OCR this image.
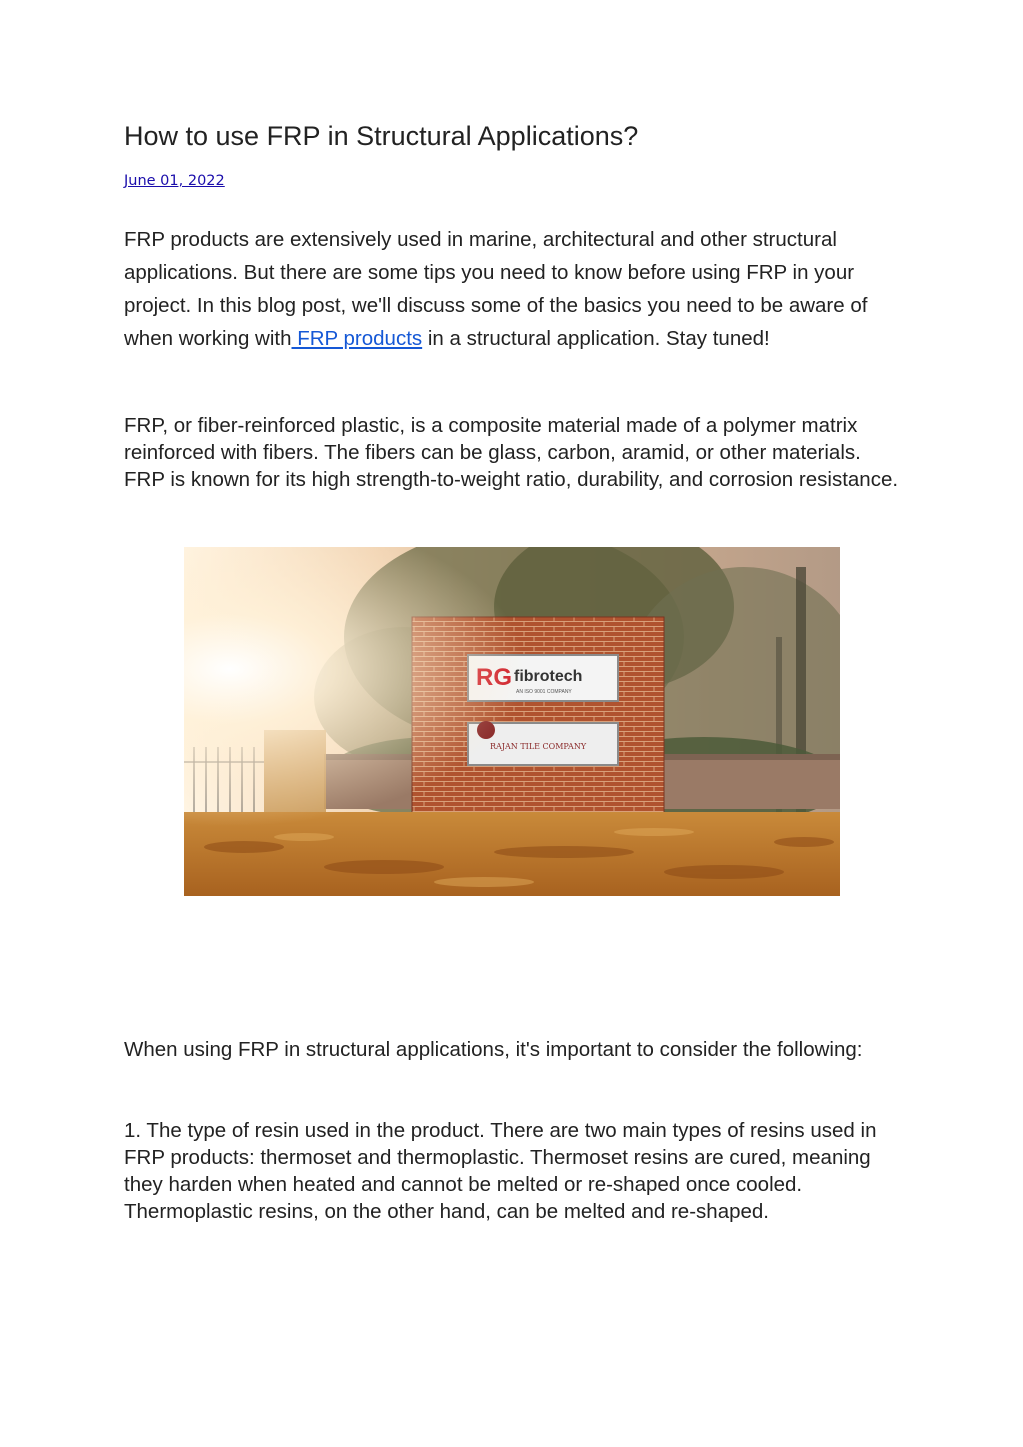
How to use FRP in Structural Applications?
June 01, 2022

FRP products are extensively used in marine, architectural and other structural applications. But there are some tips you need to know before using FRP in your project. In this blog post, we'll discuss some of the basics you need to be aware of when working with FRP products in a structural application. Stay tuned!

FRP, or fiber-reinforced plastic, is a composite material made of a polymer matrix reinforced with fibers. The fibers can be glass, carbon, aramid, or other materials. FRP is known for its high strength-to-weight ratio, durability, and corrosion resistance.

When using FRP in structural applications, it's important to consider the following:

1. The type of resin used in the product. There are two main types of resins used in FRP products: thermoset and thermoplastic. Thermoset resins are cured, meaning they harden when heated and cannot be melted or re-shaped once cooled. Thermoplastic resins, on the other hand, can be melted and re-shaped.
